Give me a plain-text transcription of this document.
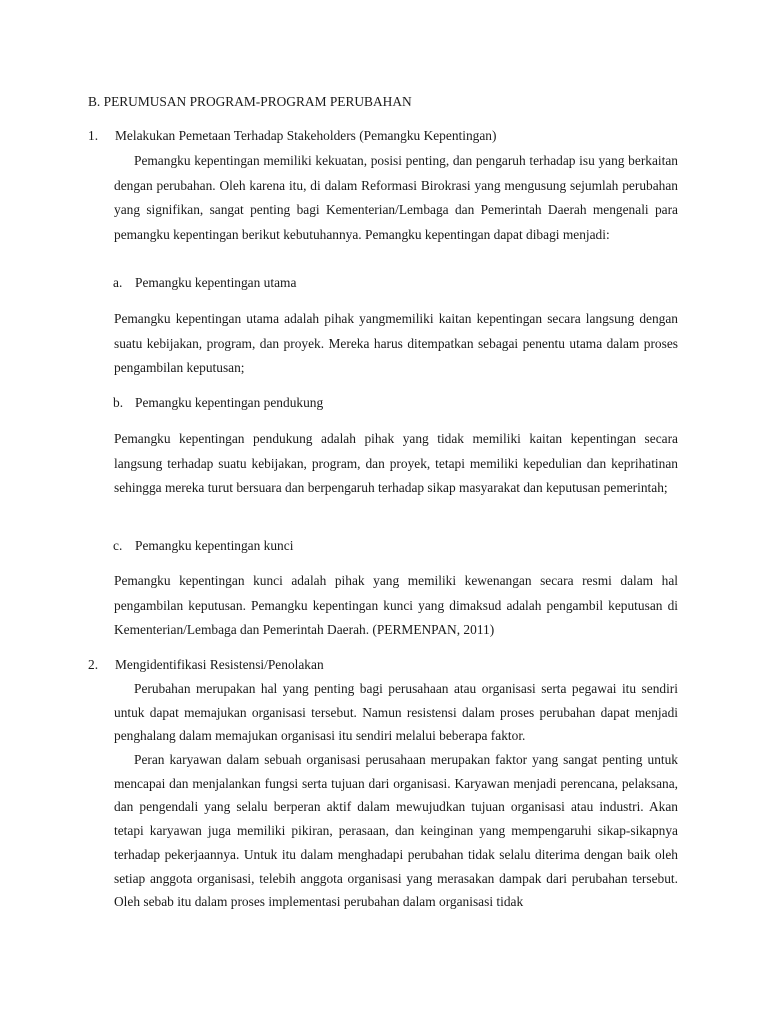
B. PERUMUSAN PROGRAM-PROGRAM PERUBAHAN
1. Melakukan Pemetaan Terhadap Stakeholders (Pemangku Kepentingan)
Pemangku kepentingan memiliki kekuatan, posisi penting, dan pengaruh terhadap isu yang berkaitan dengan perubahan. Oleh karena itu, di dalam Reformasi Birokrasi yang mengusung sejumlah perubahan yang signifikan, sangat penting bagi Kementerian/Lembaga dan Pemerintah Daerah mengenali para pemangku kepentingan berikut kebutuhannya. Pemangku kepentingan dapat dibagi menjadi:
a. Pemangku kepentingan utama
Pemangku kepentingan utama adalah pihak yangmemiliki kaitan kepentingan secara langsung dengan suatu kebijakan, program, dan proyek. Mereka harus ditempatkan sebagai penentu utama dalam proses pengambilan keputusan;
b. Pemangku kepentingan pendukung
Pemangku kepentingan pendukung adalah pihak yang tidak memiliki kaitan kepentingan secara langsung terhadap suatu kebijakan, program, dan proyek, tetapi memiliki kepedulian dan keprihatinan sehingga mereka turut bersuara dan berpengaruh terhadap sikap masyarakat dan keputusan pemerintah;
c. Pemangku kepentingan kunci
Pemangku kepentingan kunci adalah pihak yang memiliki kewenangan secara resmi dalam hal pengambilan keputusan. Pemangku kepentingan kunci yang dimaksud adalah pengambil keputusan di Kementerian/Lembaga dan Pemerintah Daerah. (PERMENPAN, 2011)
2. Mengidentifikasi Resistensi/Penolakan
Perubahan merupakan hal yang penting bagi perusahaan atau organisasi serta pegawai itu sendiri untuk dapat memajukan organisasi tersebut. Namun resistensi dalam proses perubahan dapat menjadi penghalang dalam memajukan organisasi itu sendiri melalui beberapa faktor.
Peran karyawan dalam sebuah organisasi perusahaan merupakan faktor yang sangat penting untuk mencapai dan menjalankan fungsi serta tujuan dari organisasi. Karyawan menjadi perencana, pelaksana, dan pengendali yang selalu berperan aktif dalam mewujudkan tujuan organisasi atau industri. Akan tetapi karyawan juga memiliki pikiran, perasaan, dan keinginan yang mempengaruhi sikap-sikapnya terhadap pekerjaannya. Untuk itu dalam menghadapi perubahan tidak selalu diterima dengan baik oleh setiap anggota organisasi, telebih anggota organisasi yang merasakan dampak dari perubahan tersebut. Oleh sebab itu dalam proses implementasi perubahan dalam organisasi tidak
